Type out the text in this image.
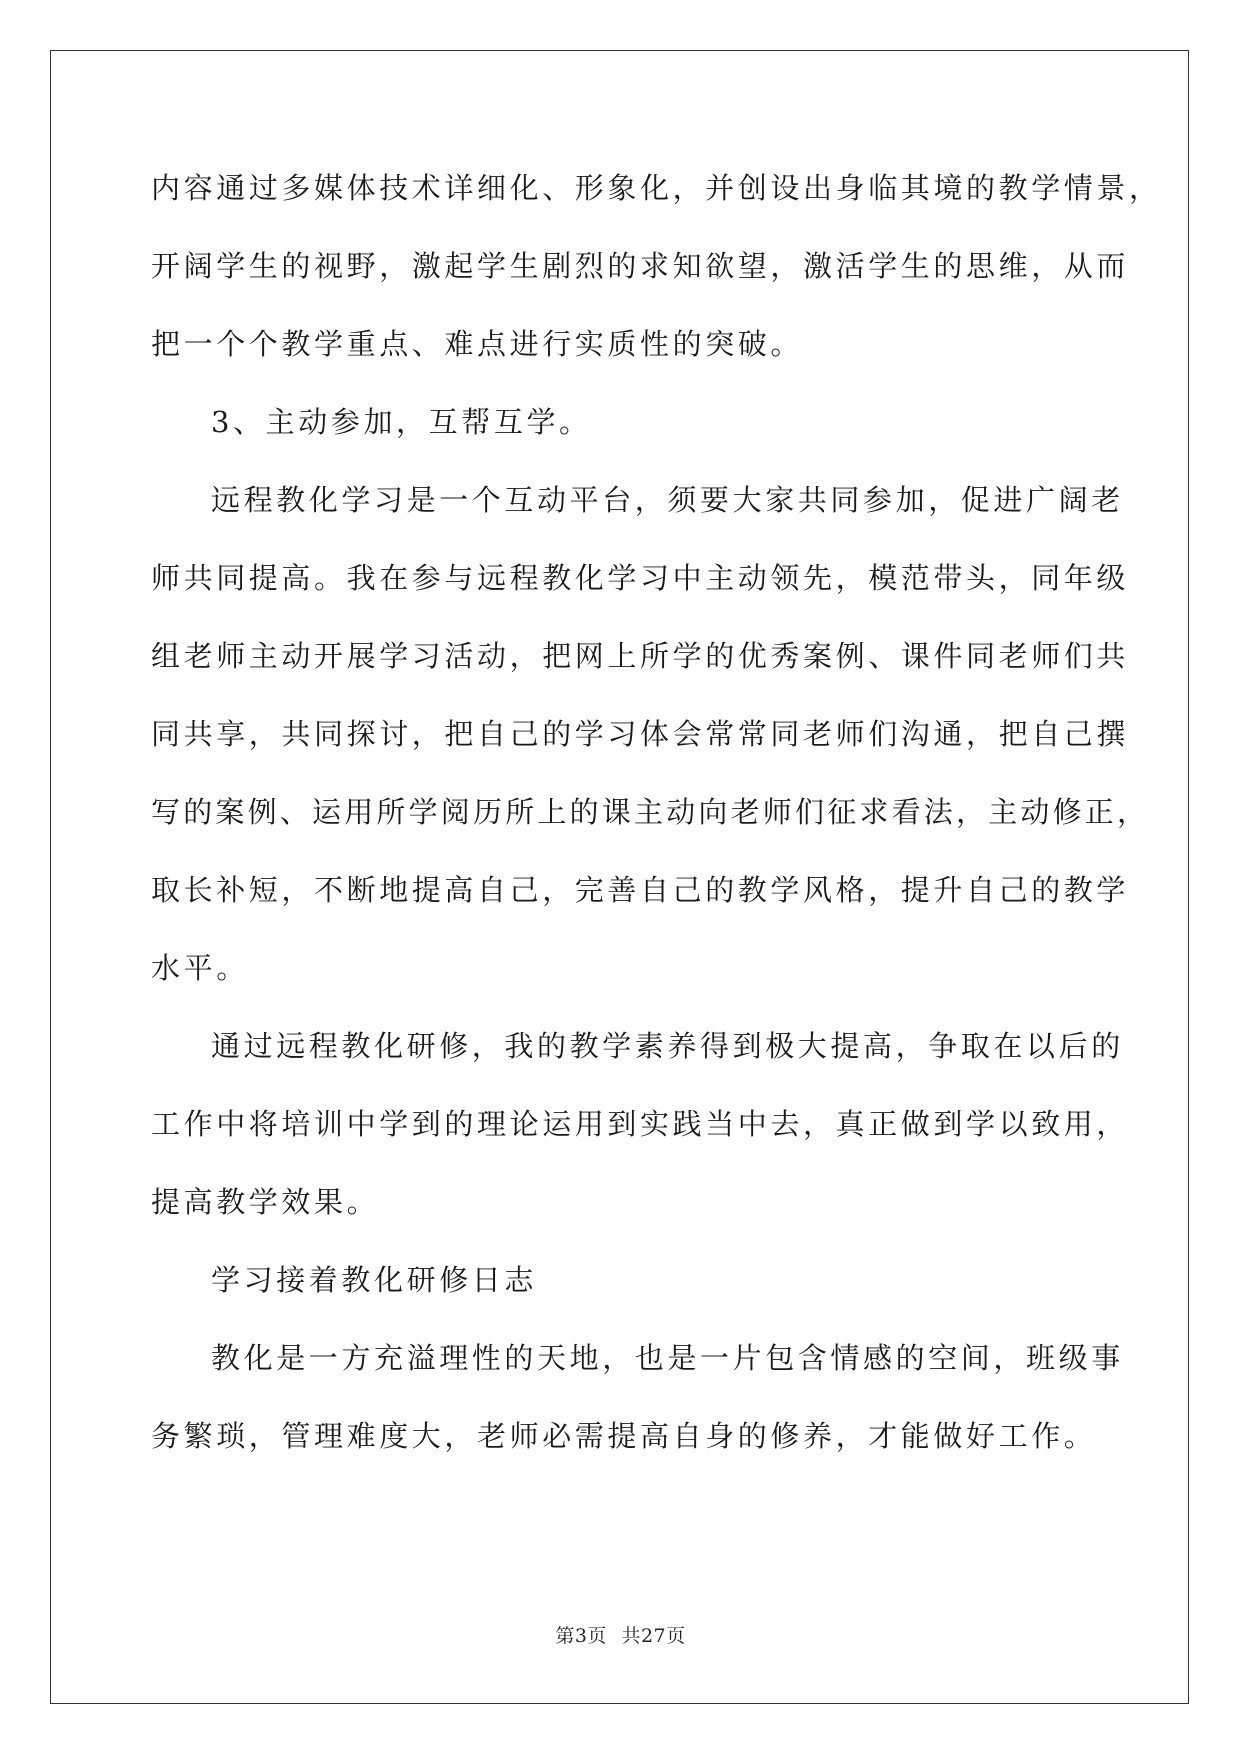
内容通过多媒体技术详细化、形象化，并创设出身临其境的教学情景，
开阔学生的视野，激起学生剧烈的求知欲望，激活学生的思维，从而
把一个个教学重点、难点进行实质性的突破。
3、主动参加，互帮互学。
远程教化学习是一个互动平台，须要大家共同参加，促进广阔老
师共同提高。我在参与远程教化学习中主动领先，模范带头，同年级
组老师主动开展学习活动，把网上所学的优秀案例、课件同老师们共
同共享，共同探讨，把自己的学习体会常常同老师们沟通，把自己撰
写的案例、运用所学阅历所上的课主动向老师们征求看法，主动修正，
取长补短，不断地提高自己，完善自己的教学风格，提升自己的教学
水平。
通过远程教化研修，我的教学素养得到极大提高，争取在以后的
工作中将培训中学到的理论运用到实践当中去，真正做到学以致用，
提高教学效果。
学习接着教化研修日志
教化是一方充溢理性的天地，也是一片包含情感的空间，班级事
务繁琐，管理难度大，老师必需提高自身的修养，才能做好工作。
第3页 共27页
